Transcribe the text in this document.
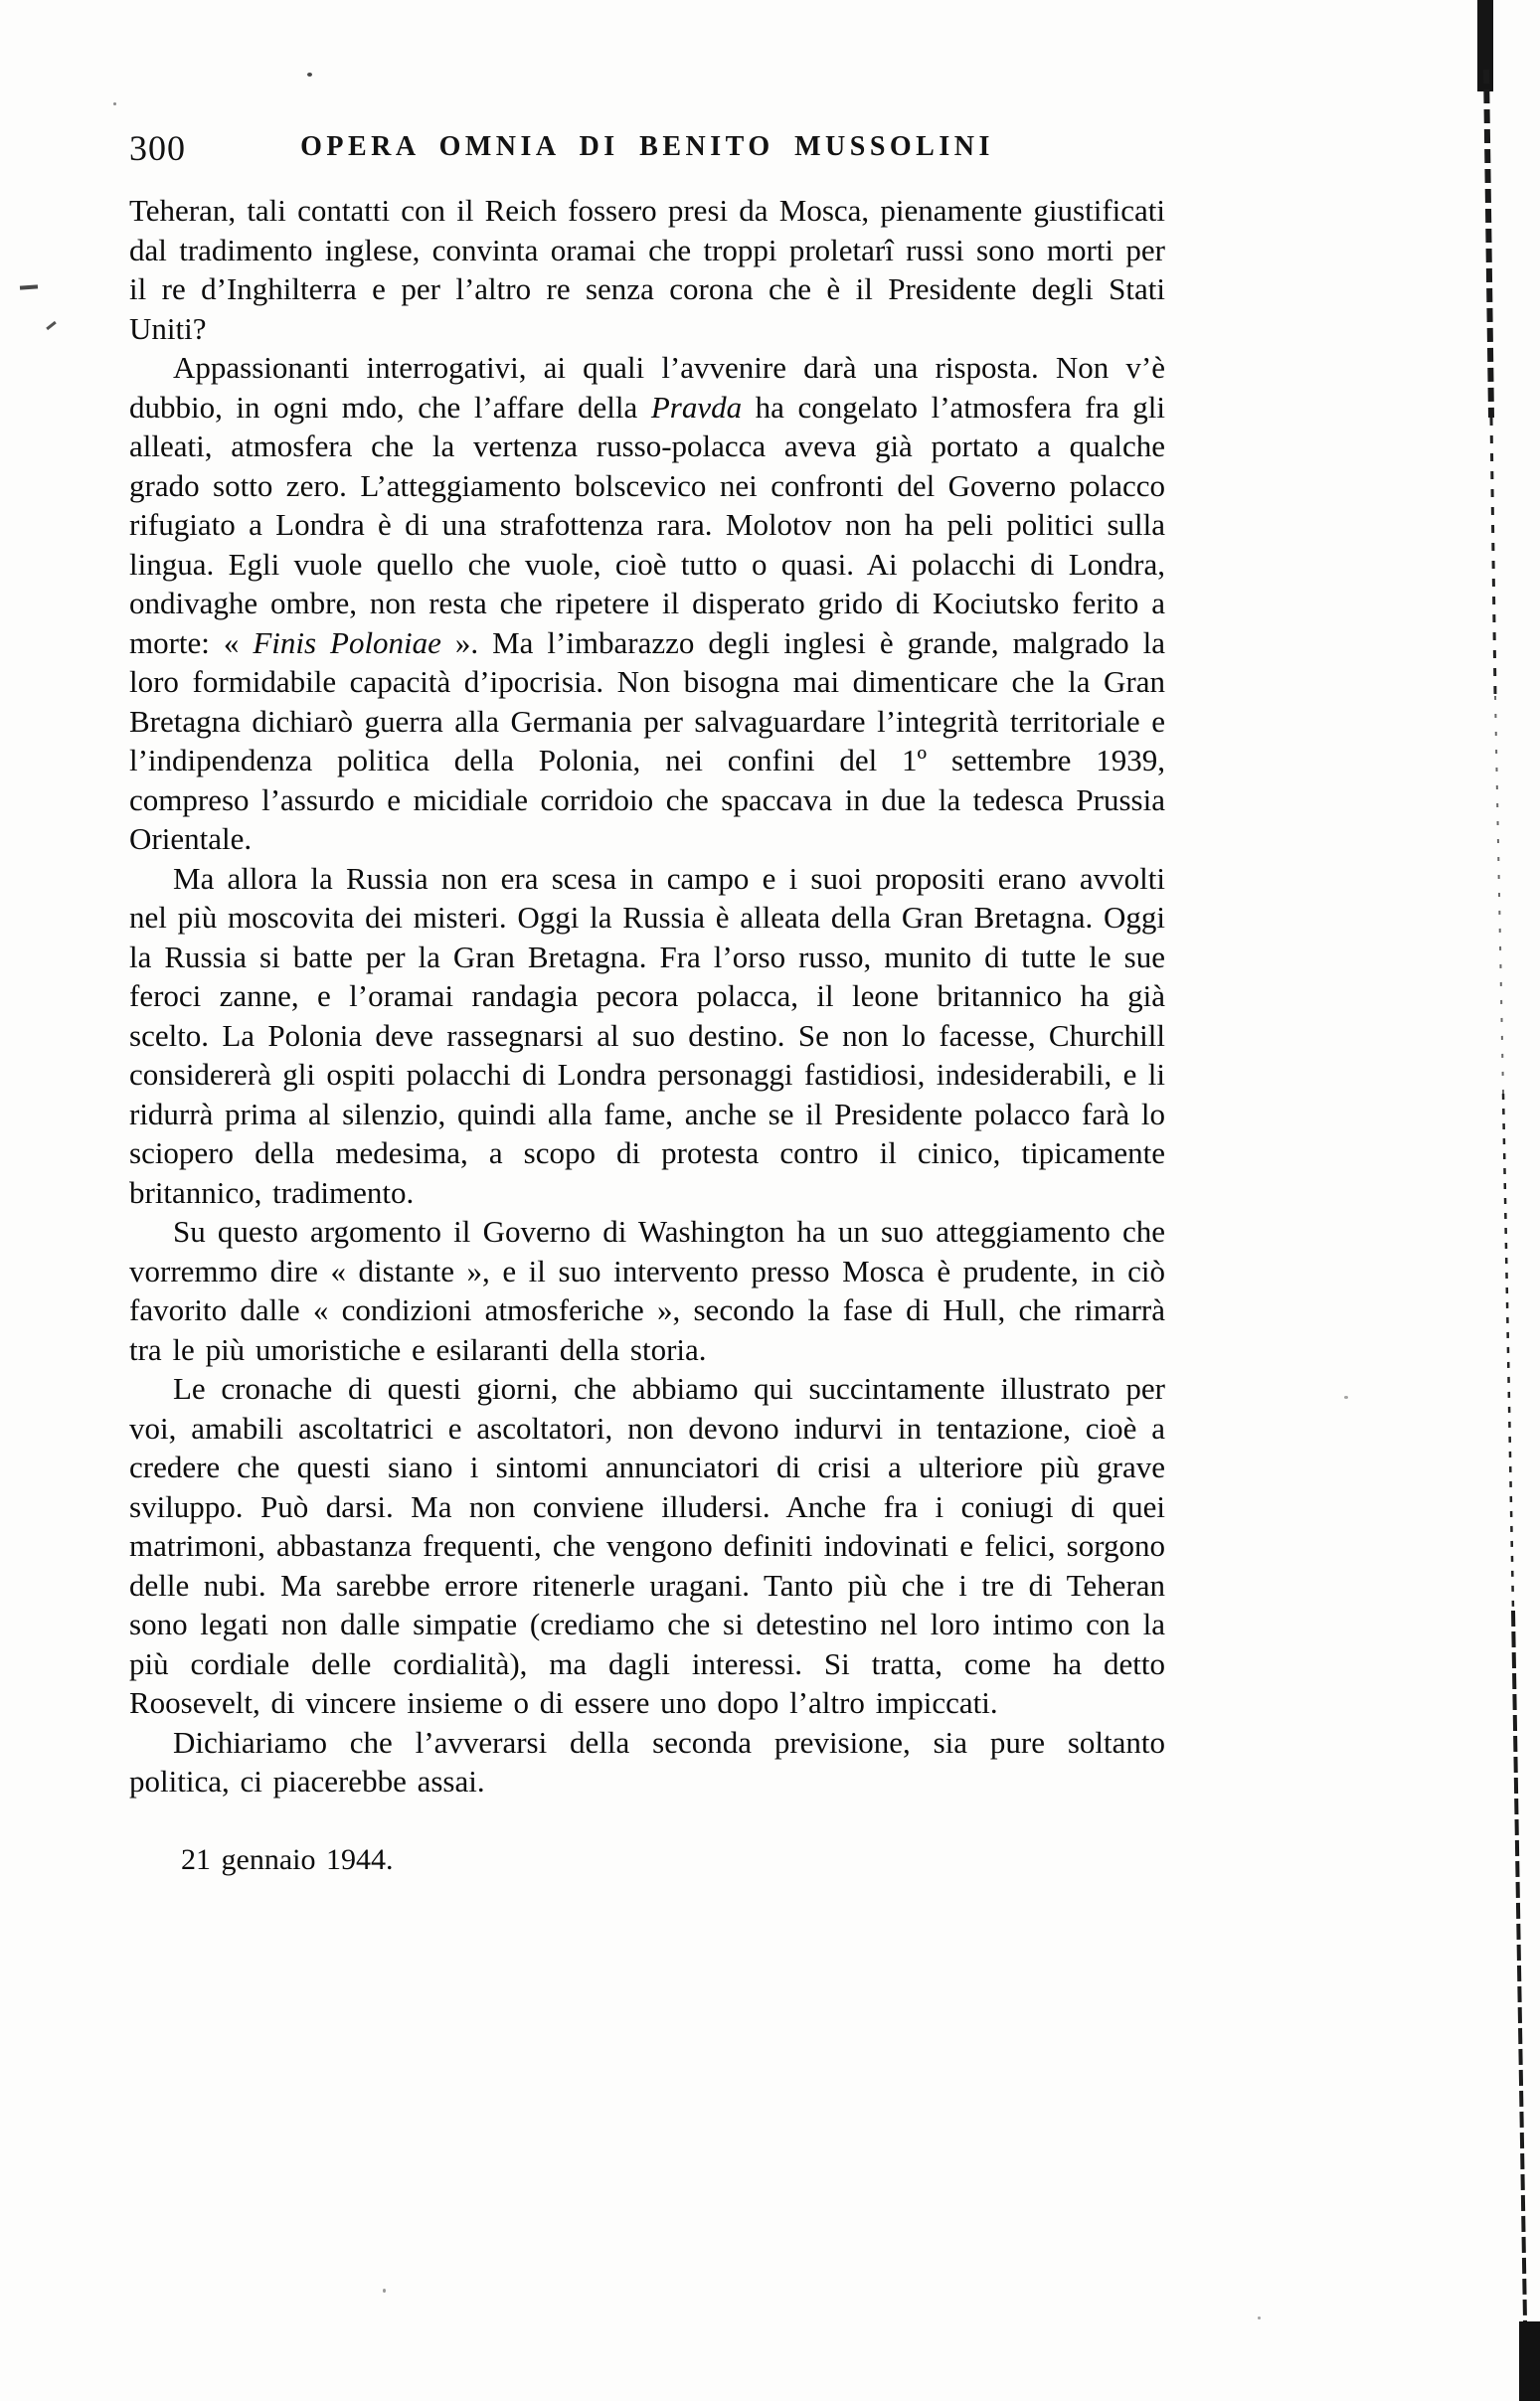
300	OPERA OMNIA DI BENITO MUSSOLINI

Teheran, tali contatti con il Reich fossero presi da Mosca, pienamente giustificati dal tradimento inglese, convinta oramai che troppi proletarî russi sono morti per il re d’Inghilterra e per l’altro re senza corona che è il Presidente degli Stati Uniti?

Appassionanti interrogativi, ai quali l’avvenire darà una risposta. Non v’è dubbio, in ogni mdo, che l’affare della Pravda ha congelato l’atmosfera fra gli alleati, atmosfera che la vertenza russo-polacca aveva già portato a qualche grado sotto zero. L’atteggiamento bolscevico nei confronti del Governo polacco rifugiato a Londra è di una strafottenza rara. Molotov non ha peli politici sulla lingua. Egli vuole quello che vuole, cioè tutto o quasi. Ai polacchi di Londra, ondivaghe ombre, non resta che ripetere il disperato grido di Kociutsko ferito a morte: « Finis Poloniae ». Ma l’imbarazzo degli inglesi è grande, malgrado la loro formidabile capacità d’ipocrisia. Non bisogna mai dimenticare che la Gran Bretagna dichiarò guerra alla Germania per salvaguardare l’integrità territoriale e l’indipendenza politica della Polonia, nei confini del 1º settembre 1939, compreso l’assurdo e micidiale corridoio che spaccava in due la tedesca Prussia Orientale.

Ma allora la Russia non era scesa in campo e i suoi propositi erano avvolti nel più moscovita dei misteri. Oggi la Russia è alleata della Gran Bretagna. Oggi la Russia si batte per la Gran Bretagna. Fra l’orso russo, munito di tutte le sue feroci zanne, e l’oramai randagia pecora polacca, il leone britannico ha già scelto. La Polonia deve rassegnarsi al suo destino. Se non lo facesse, Churchill considererà gli ospiti polacchi di Londra personaggi fastidiosi, indesiderabili, e li ridurrà prima al silenzio, quindi alla fame, anche se il Presidente polacco farà lo sciopero della medesima, a scopo di protesta contro il cinico, tipicamente britannico, tradimento.

Su questo argomento il Governo di Washington ha un suo atteggiamento che vorremmo dire « distante », e il suo intervento presso Mosca è prudente, in ciò favorito dalle « condizioni atmosferiche », secondo la fase di Hull, che rimarrà tra le più umoristiche e esilaranti della storia.

Le cronache di questi giorni, che abbiamo qui succintamente illustrato per voi, amabili ascoltatrici e ascoltatori, non devono indurvi in tentazione, cioè a credere che questi siano i sintomi annunciatori di crisi a ulteriore più grave sviluppo. Può darsi. Ma non conviene illudersi. Anche fra i coniugi di quei matrimoni, abbastanza frequenti, che vengono definiti indovinati e felici, sorgono delle nubi. Ma sarebbe errore ritenerle uragani. Tanto più che i tre di Teheran sono legati non dalle simpatie (crediamo che si detestino nel loro intimo con la più cordiale delle cordialità), ma dagli interessi. Si tratta, come ha detto Roosevelt, di vincere insieme o di essere uno dopo l’altro impiccati.

Dichiariamo che l’avverarsi della seconda previsione, sia pure soltanto politica, ci piacerebbe assai.

21 gennaio 1944.
